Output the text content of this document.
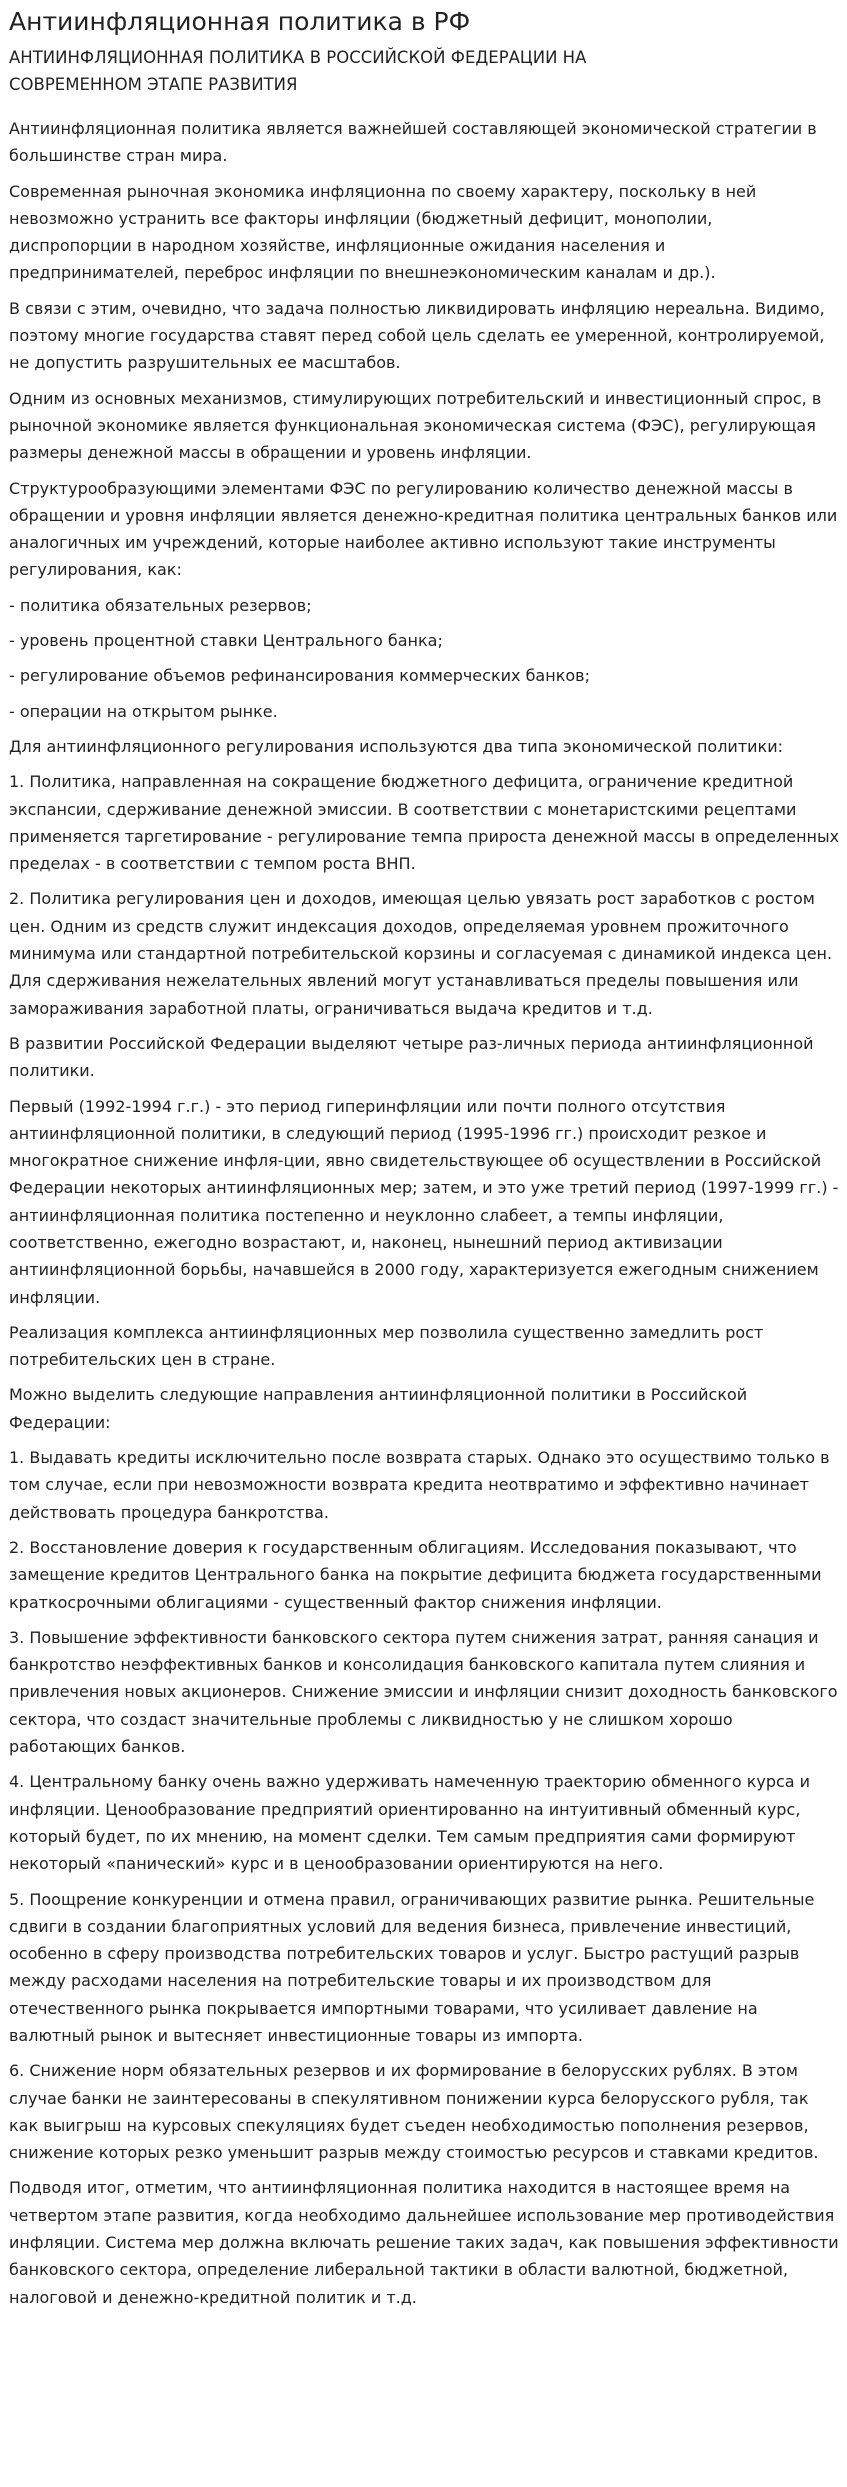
Антиинфляционная политика в РФ
АНТИИНФЛЯЦИОННАЯ ПОЛИТИКА В РОССИЙСКОЙ ФЕДЕРАЦИИ НА
СОВРЕМЕННОМ ЭТАПЕ РАЗВИТИЯ

Антиинфляционная политика является важнейшей составляющей экономической стратегии в большинстве стран мира.

Современная рыночная экономика инфляционна по своему характеру, поскольку в ней невозможно устранить все факторы инфляции (бюджетный дефицит, монополии, диспропорции в народном хозяйстве, инфляционные ожидания населения и предпринимателей, переброс инфляции по внешнеэкономическим каналам и др.).

В связи с этим, очевидно, что задача полностью ликвидировать инфляцию нереальна. Видимо, поэтому многие государства ставят перед собой цель сделать ее умеренной, контролируемой, не допустить разрушительных ее масштабов.

Одним из основных механизмов, стимулирующих потребительский и инвестиционный спрос, в рыночной экономике является функциональная экономическая система (ФЭС), регулирующая размеры денежной массы в обращении и уровень инфляции.

Структурообразующими элементами ФЭС по регулированию количество денежной массы в обращении и уровня инфляции является денежно-кредитная политика центральных банков или аналогичных им учреждений, которые наиболее активно используют такие инструменты регулирования, как:

- политика обязательных резервов;

- уровень процентной ставки Центрального банка;

- регулирование объемов рефинансирования коммерческих банков;

- операции на открытом рынке.

Для антиинфляционного регулирования используются два типа экономической политики:

1. Политика, направленная на сокращение бюджетного дефицита, ограничение кредитной экспансии, сдерживание денежной эмиссии. В соответствии с монетаристскими рецептами применяется таргетирование - регулирование темпа прироста денежной массы в определенных пределах - в соответствии с темпом роста ВНП.

2. Политика регулирования цен и доходов, имеющая целью увязать рост заработков с ростом цен. Одним из средств служит индексация доходов, определяемая уровнем прожиточного минимума или стандартной потребительской корзины и согласуемая с динамикой индекса цен. Для сдерживания нежелательных явлений могут устанавливаться пределы повышения или замораживания заработной платы, ограничиваться выдача кредитов и т.д.

В развитии Российской Федерации выделяют четыре раз-личных периода антиинфляционной политики.

Первый (1992-1994 г.г.) - это период гиперинфляции или почти полного отсутствия антиинфляционной политики, в следующий период (1995-1996 гг.) происходит резкое и многократное снижение инфля-ции, явно свидетельствующее об осуществлении в Российской Федерации некоторых антиинфляционных мер; затем, и это уже третий период (1997-1999 гг.) - антиинфляционная политика постепенно и неуклонно слабеет, а темпы инфляции, соответственно, ежегодно возрастают, и, наконец, нынешний период активизации антиинфляционной борьбы, начавшейся в 2000 году, характеризуется ежегодным снижением инфляции.

Реализация комплекса антиинфляционных мер позволила существенно замедлить рост потребительских цен в стране.

Можно выделить следующие направления антиинфляционной политики в Российской Федерации:

1. Выдавать кредиты исключительно после возврата старых. Однако это осуществимо только в том случае, если при невозможности возврата кредита неотвратимо и эффективно начинает действовать процедура банкротства.

2. Восстановление доверия к государственным облигациям. Исследования показывают, что замещение кредитов Центрального банка на покрытие дефицита бюджета государственными краткосрочными облигациями - существенный фактор снижения инфляции.

3. Повышение эффективности банковского сектора путем снижения затрат, ранняя санация и банкротство неэффективных банков и консолидация банковского капитала путем слияния и привлечения новых акционеров. Снижение эмиссии и инфляции снизит доходность банковского сектора, что создаст значительные проблемы с ликвидностью у не слишком хорошо работающих банков.

4. Центральному банку очень важно удерживать намеченную траекторию обменного курса и инфляции. Ценообразование предприятий ориентированно на интуитивный обменный курс, который будет, по их мнению, на момент сделки. Тем самым предприятия сами формируют некоторый «панический» курс и в ценообразовании ориентируются на него.

5. Поощрение конкуренции и отмена правил, ограничивающих развитие рынка. Решительные сдвиги в создании благоприятных условий для ведения бизнеса, привлечение инвестиций, особенно в сферу производства потребительских товаров и услуг. Быстро растущий разрыв между расходами населения на потребительские товары и их производством для отечественного рынка покрывается импортными товарами, что усиливает давление на валютный рынок и вытесняет инвестиционные товары из импорта.

6. Снижение норм обязательных резервов и их формирование в белорусских рублях. В этом случае банки не заинтересованы в спекулятивном понижении курса белорусского рубля, так как выигрыш на курсовых спекуляциях будет съеден необходимостью пополнения резервов, снижение которых резко уменьшит разрыв между стоимостью ресурсов и ставками кредитов.

Подводя итог, отметим, что антиинфляционная политика находится в настоящее время на четвертом этапе развития, когда необходимо дальнейшее использование мер противодействия инфляции. Система мер должна включать решение таких задач, как повышения эффективности банковского сектора, определение либеральной тактики в области валютной, бюджетной, налоговой и денежно-кредитной политик и т.д.
